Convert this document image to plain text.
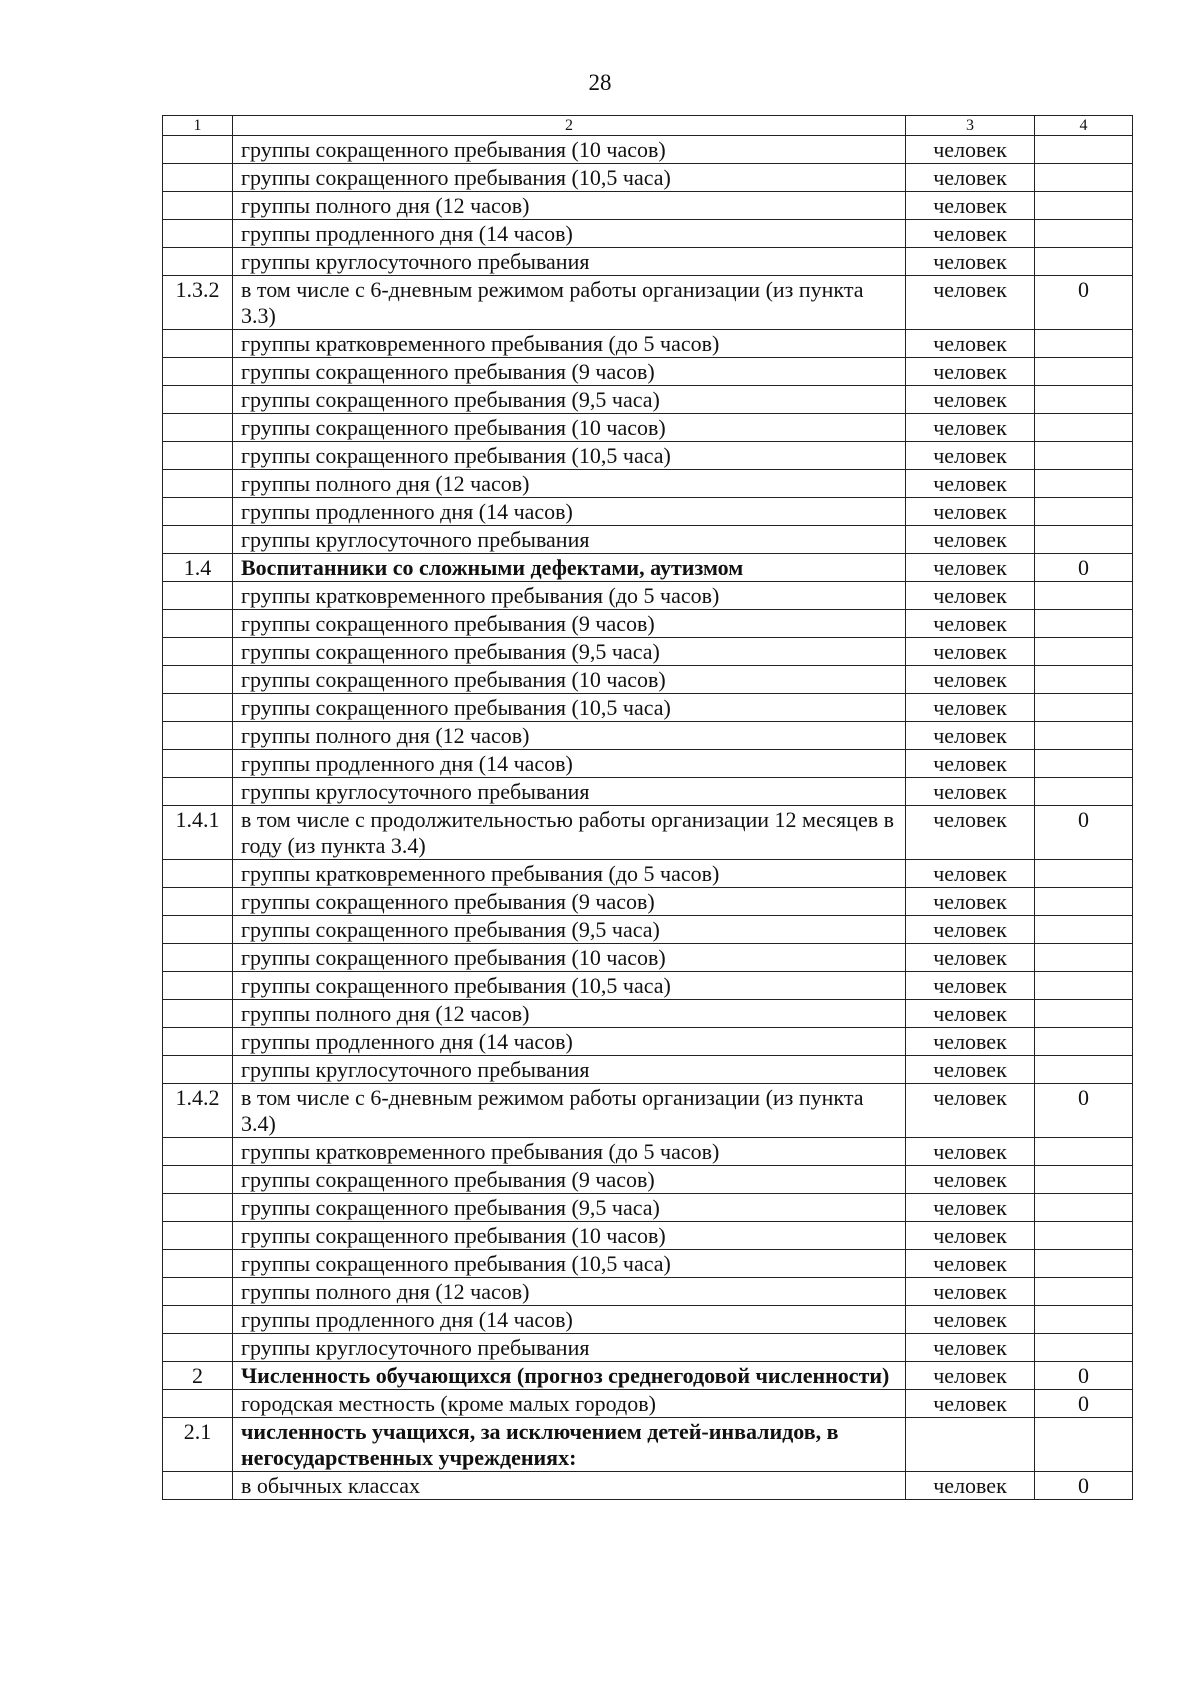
28
1	2	3	4
	группы сокращенного пребывания (10 часов)	человек	
	группы сокращенного пребывания (10,5 часа)	человек	
	группы полного дня (12 часов)	человек	
	группы продленного дня (14 часов)	человек	
	группы круглосуточного пребывания	человек	
1.3.2	в том числе с 6-дневным режимом работы организации (из пункта 3.3)	человек	0
	группы кратковременного пребывания (до 5 часов)	человек	
	группы сокращенного пребывания (9 часов)	человек	
	группы сокращенного пребывания (9,5 часа)	человек	
	группы сокращенного пребывания (10 часов)	человек	
	группы сокращенного пребывания (10,5 часа)	человек	
	группы полного дня (12 часов)	человек	
	группы продленного дня (14 часов)	человек	
	группы круглосуточного пребывания	человек	
1.4	Воспитанники со сложными дефектами, аутизмом	человек	0
	группы кратковременного пребывания (до 5 часов)	человек	
	группы сокращенного пребывания (9 часов)	человек	
	группы сокращенного пребывания (9,5 часа)	человек	
	группы сокращенного пребывания (10 часов)	человек	
	группы сокращенного пребывания (10,5 часа)	человек	
	группы полного дня (12 часов)	человек	
	группы продленного дня (14 часов)	человек	
	группы круглосуточного пребывания	человек	
1.4.1	в том числе с продолжительностью работы организации 12 месяцев в году (из пункта 3.4)	человек	0
	группы кратковременного пребывания (до 5 часов)	человек	
	группы сокращенного пребывания (9 часов)	человек	
	группы сокращенного пребывания (9,5 часа)	человек	
	группы сокращенного пребывания (10 часов)	человек	
	группы сокращенного пребывания (10,5 часа)	человек	
	группы полного дня (12 часов)	человек	
	группы продленного дня (14 часов)	человек	
	группы круглосуточного пребывания	человек	
1.4.2	в том числе с 6-дневным режимом работы организации (из пункта 3.4)	человек	0
	группы кратковременного пребывания (до 5 часов)	человек	
	группы сокращенного пребывания (9 часов)	человек	
	группы сокращенного пребывания (9,5 часа)	человек	
	группы сокращенного пребывания (10 часов)	человек	
	группы сокращенного пребывания (10,5 часа)	человек	
	группы полного дня (12 часов)	человек	
	группы продленного дня (14 часов)	человек	
	группы круглосуточного пребывания	человек	
2	Численность обучающихся (прогноз среднегодовой численности)	человек	0
	городская местность (кроме малых городов)	человек	0
2.1	численность учащихся, за исключением детей-инвалидов, в негосударственных учреждениях:		
	в обычных классах	человек	0
